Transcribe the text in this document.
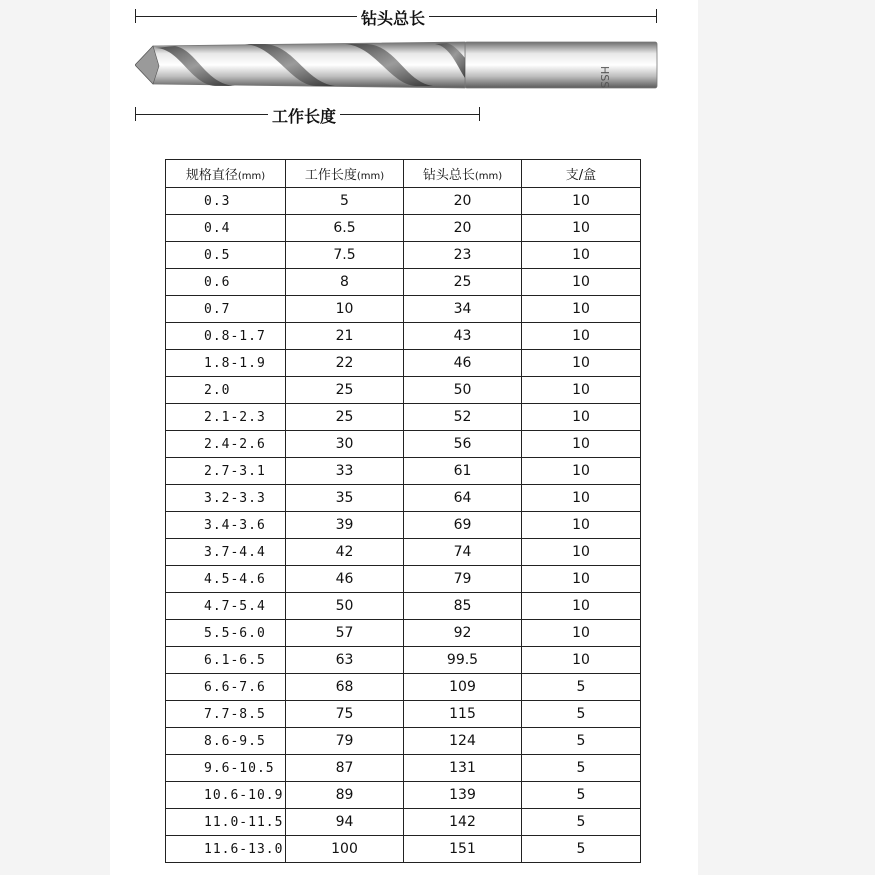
钻头总长
HSS
工作长度
规格直径(mm)	工作长度(mm)	钻头总长(mm)	支/盒
0.3	5	20	10
0.4	6.5	20	10
0.5	7.5	23	10
0.6	8	25	10
0.7	10	34	10
0.8-1.7	21	43	10
1.8-1.9	22	46	10
2.0	25	50	10
2.1-2.3	25	52	10
2.4-2.6	30	56	10
2.7-3.1	33	61	10
3.2-3.3	35	64	10
3.4-3.6	39	69	10
3.7-4.4	42	74	10
4.5-4.6	46	79	10
4.7-5.4	50	85	10
5.5-6.0	57	92	10
6.1-6.5	63	99.5	10
6.6-7.6	68	109	5
7.7-8.5	75	115	5
8.6-9.5	79	124	5
9.6-10.5	87	131	5
10.6-10.9	89	139	5
11.0-11.5	94	142	5
11.6-13.0	100	151	5
